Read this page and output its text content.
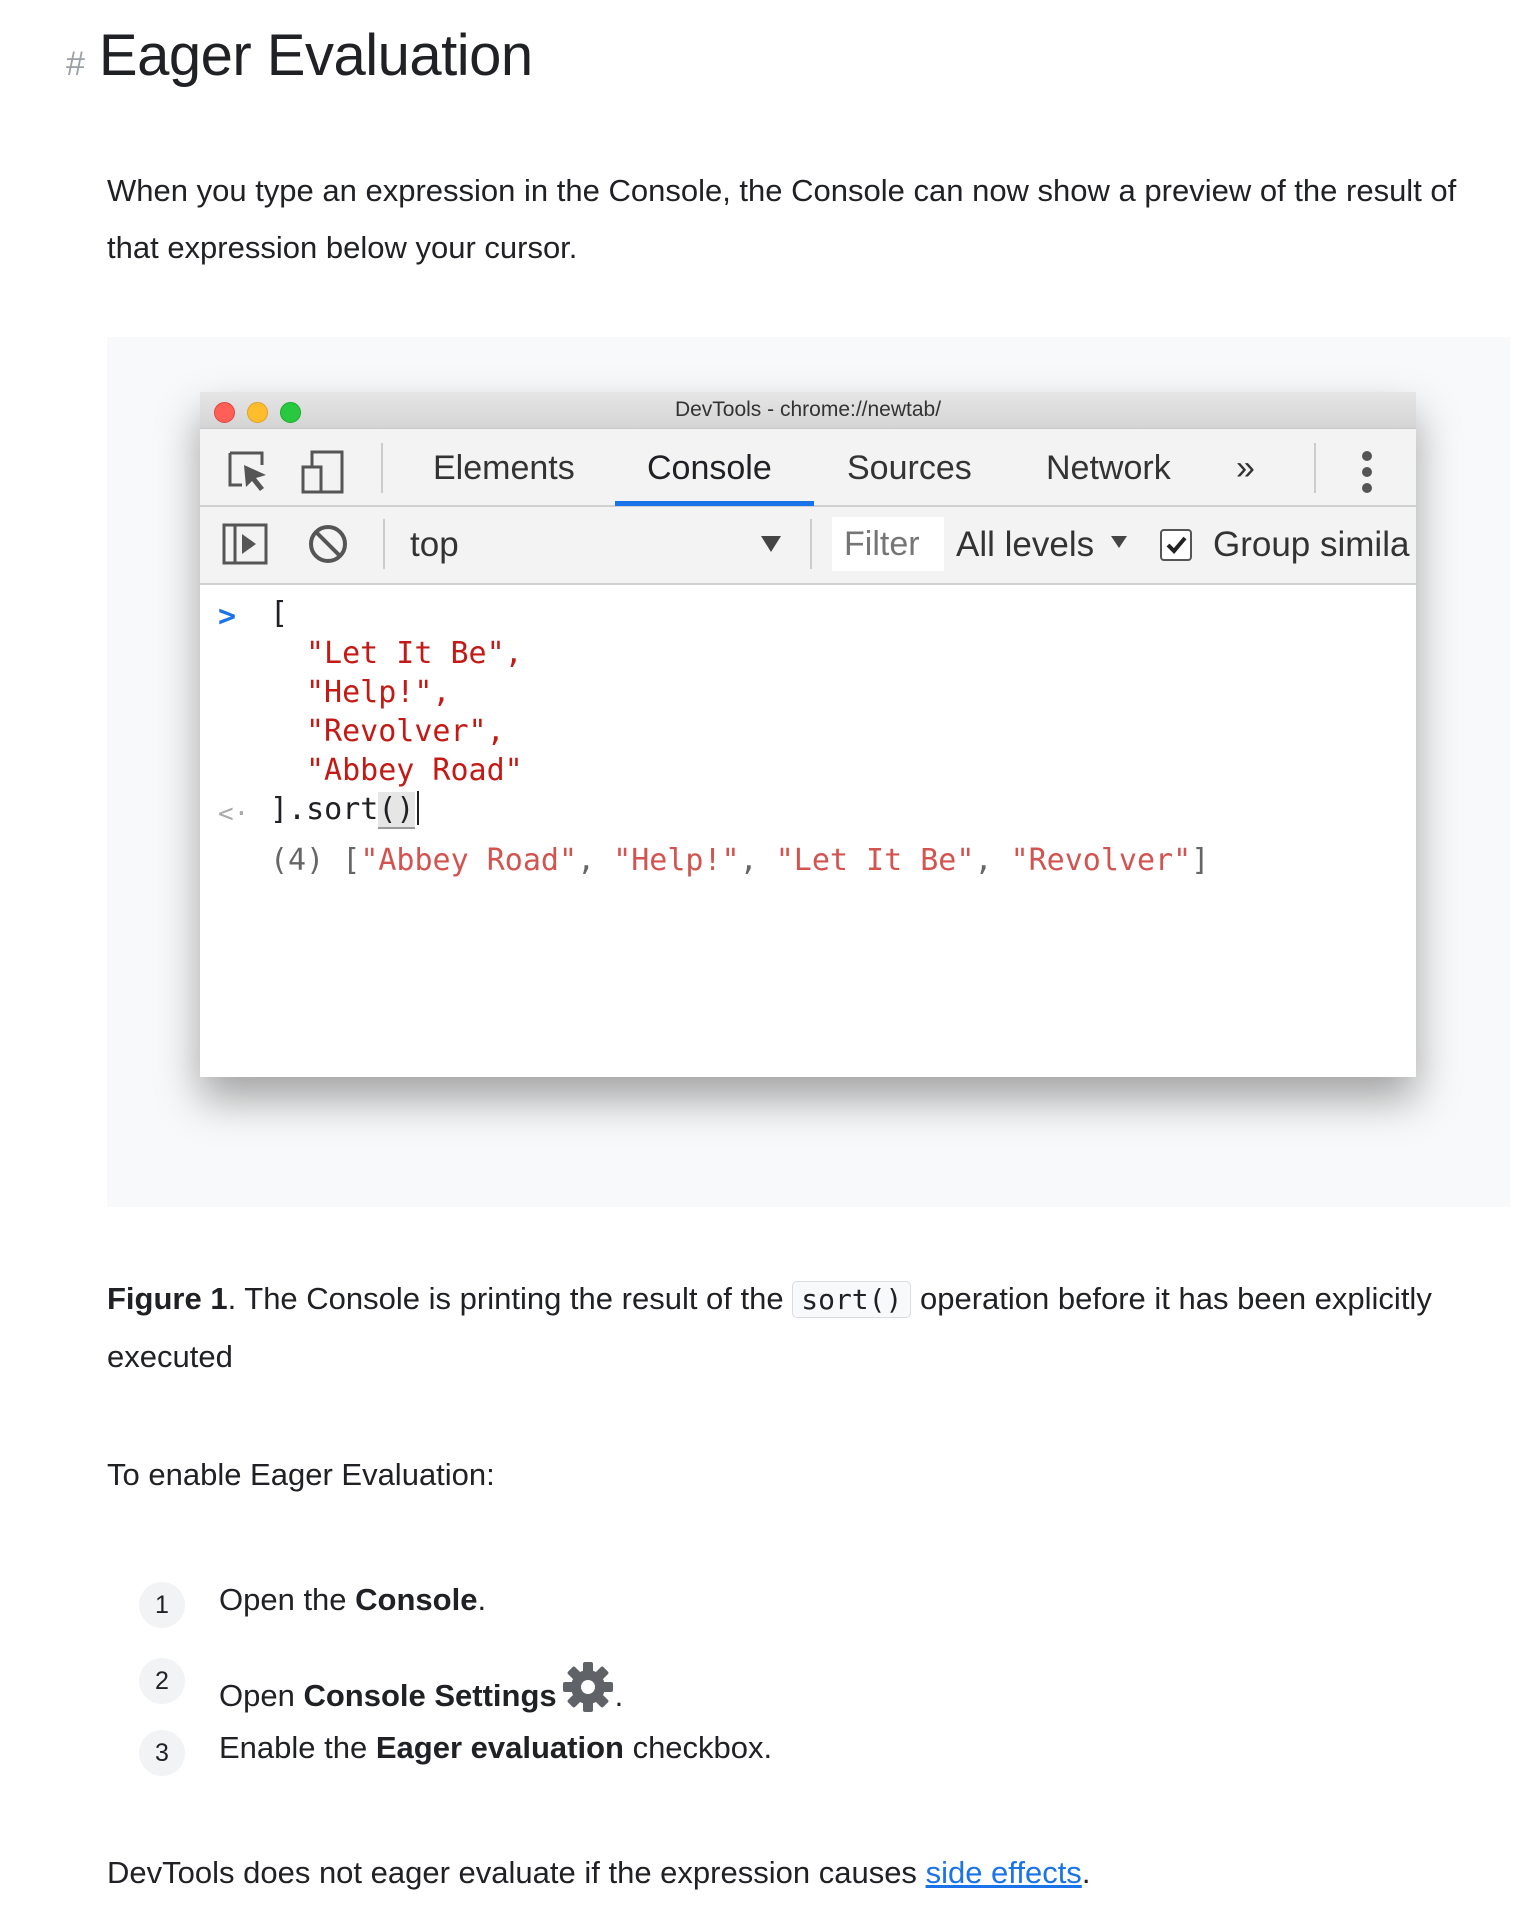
# Eager Evaluation
When you type an expression in the Console, the Console can now show a preview of the result of that expression below your cursor.
DevTools - chrome://newtab/
Elements Console Sources Network »
top	Filter	All levels	Group simila
> [
"Let It Be",
"Help!",
"Revolver",
"Abbey Road"
].sort()
<·
(4) ["Abbey Road", "Help!", "Let It Be", "Revolver"]
Figure 1. The Console is printing the result of the sort() operation before it has been explicitly executed
To enable Eager Evaluation:
1	Open the Console.
2	Open Console Settings .
3	Enable the Eager evaluation checkbox.
DevTools does not eager evaluate if the expression causes side effects.
